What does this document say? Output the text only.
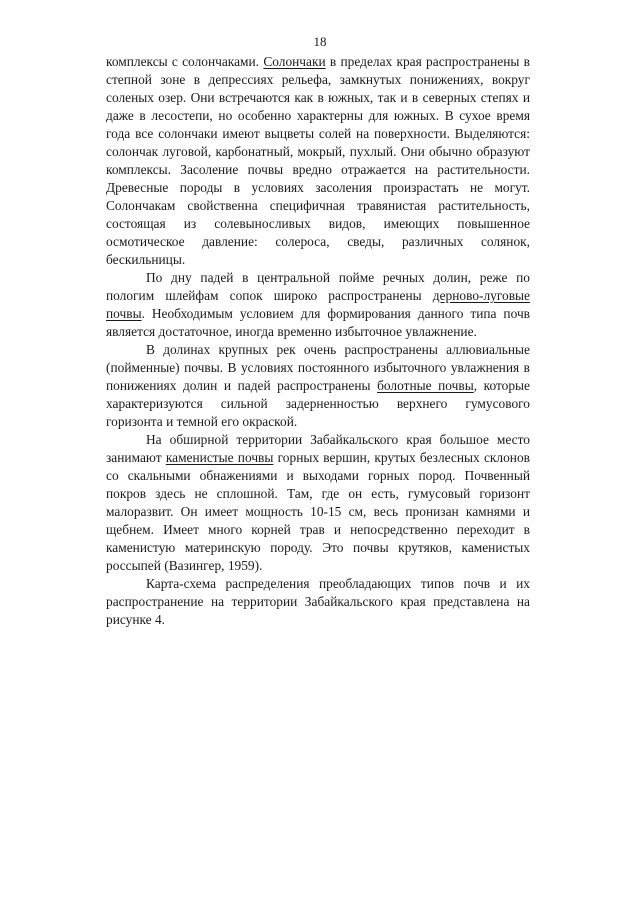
18

комплексы с солончаками. Солончаки в пределах края распространены в степной зоне в депрессиях рельефа, замкнутых понижениях, вокруг соленых озер. Они встречаются как в южных, так и в северных степях и даже в лесостепи, но особенно характерны для южных. В сухое время года все солончаки имеют выцветы солей на поверхности. Выделяются: солончак луговой, карбонатный, мокрый, пухлый. Они обычно образуют комплексы. Засоление почвы вредно отражается на растительности. Древесные породы в условиях засоления произрастать не могут. Солончакам свойственна специфичная травянистая растительность, состоящая из солевыносливых видов, имеющих повышенное осмотическое давление: солероса, сведы, различных солянок, бескильницы.

По дну падей в центральной пойме речных долин, реже по пологим шлейфам сопок широко распространены дерново-луговые почвы. Необходимым условием для формирования данного типа почв является достаточное, иногда временно избыточное увлажнение.

В долинах крупных рек очень распространены аллювиальные (пойменные) почвы. В условиях постоянного избыточного увлажнения в понижениях долин и падей распространены болотные почвы, которые характеризуются сильной задерненностью верхнего гумусового горизонта и темной его окраской.

На обширной территории Забайкальского края большое место занимают каменистые почвы горных вершин, крутых безлесных склонов со скальными обнажениями и выходами горных пород. Почвенный покров здесь не сплошной. Там, где он есть, гумусовый горизонт малоразвит. Он имеет мощность 10-15 см, весь пронизан камнями и щебнем. Имеет много корней трав и непосредственно переходит в каменистую материнскую породу. Это почвы крутяков, каменистых россыпей (Вазингер, 1959).

Карта-схема распределения преобладающих типов почв и их распространение на территории Забайкальского края представлена на рисунке 4.
